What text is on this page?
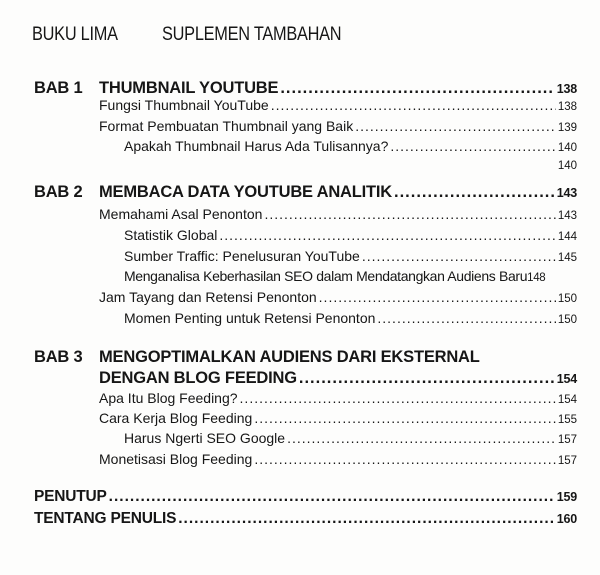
BUKU LIMA SUPLEMEN TAMBAHAN
BAB 1 THUMBNAIL YOUTUBE .....	138
Fungsi Thumbnail YouTube .....	138
Format Pembuatan Thumbnail yang Baik .....	139
Apakah Thumbnail Harus Ada Tulisannya? .....	140
140
BAB 2 MEMBACA DATA YOUTUBE ANALITIK .....	143
Memahami Asal Penonton .....	143
Statistik Global .....	144
Sumber Traffic: Penelusuran YouTube .....	145
Menganalisa Keberhasilan SEO dalam Mendatangkan Audiens Baru 148
Jam Tayang dan Retensi Penonton .....	150
Momen Penting untuk Retensi Penonton .....	150
BAB 3 MENGOPTIMALKAN AUDIENS DARI EKSTERNAL
DENGAN BLOG FEEDING .....	154
Apa Itu Blog Feeding? .....	154
Cara Kerja Blog Feeding .....	155
Harus Ngerti SEO Google .....	157
Monetisasi Blog Feeding .....	157
PENUTUP .....	159
TENTANG PENULIS .....	160
